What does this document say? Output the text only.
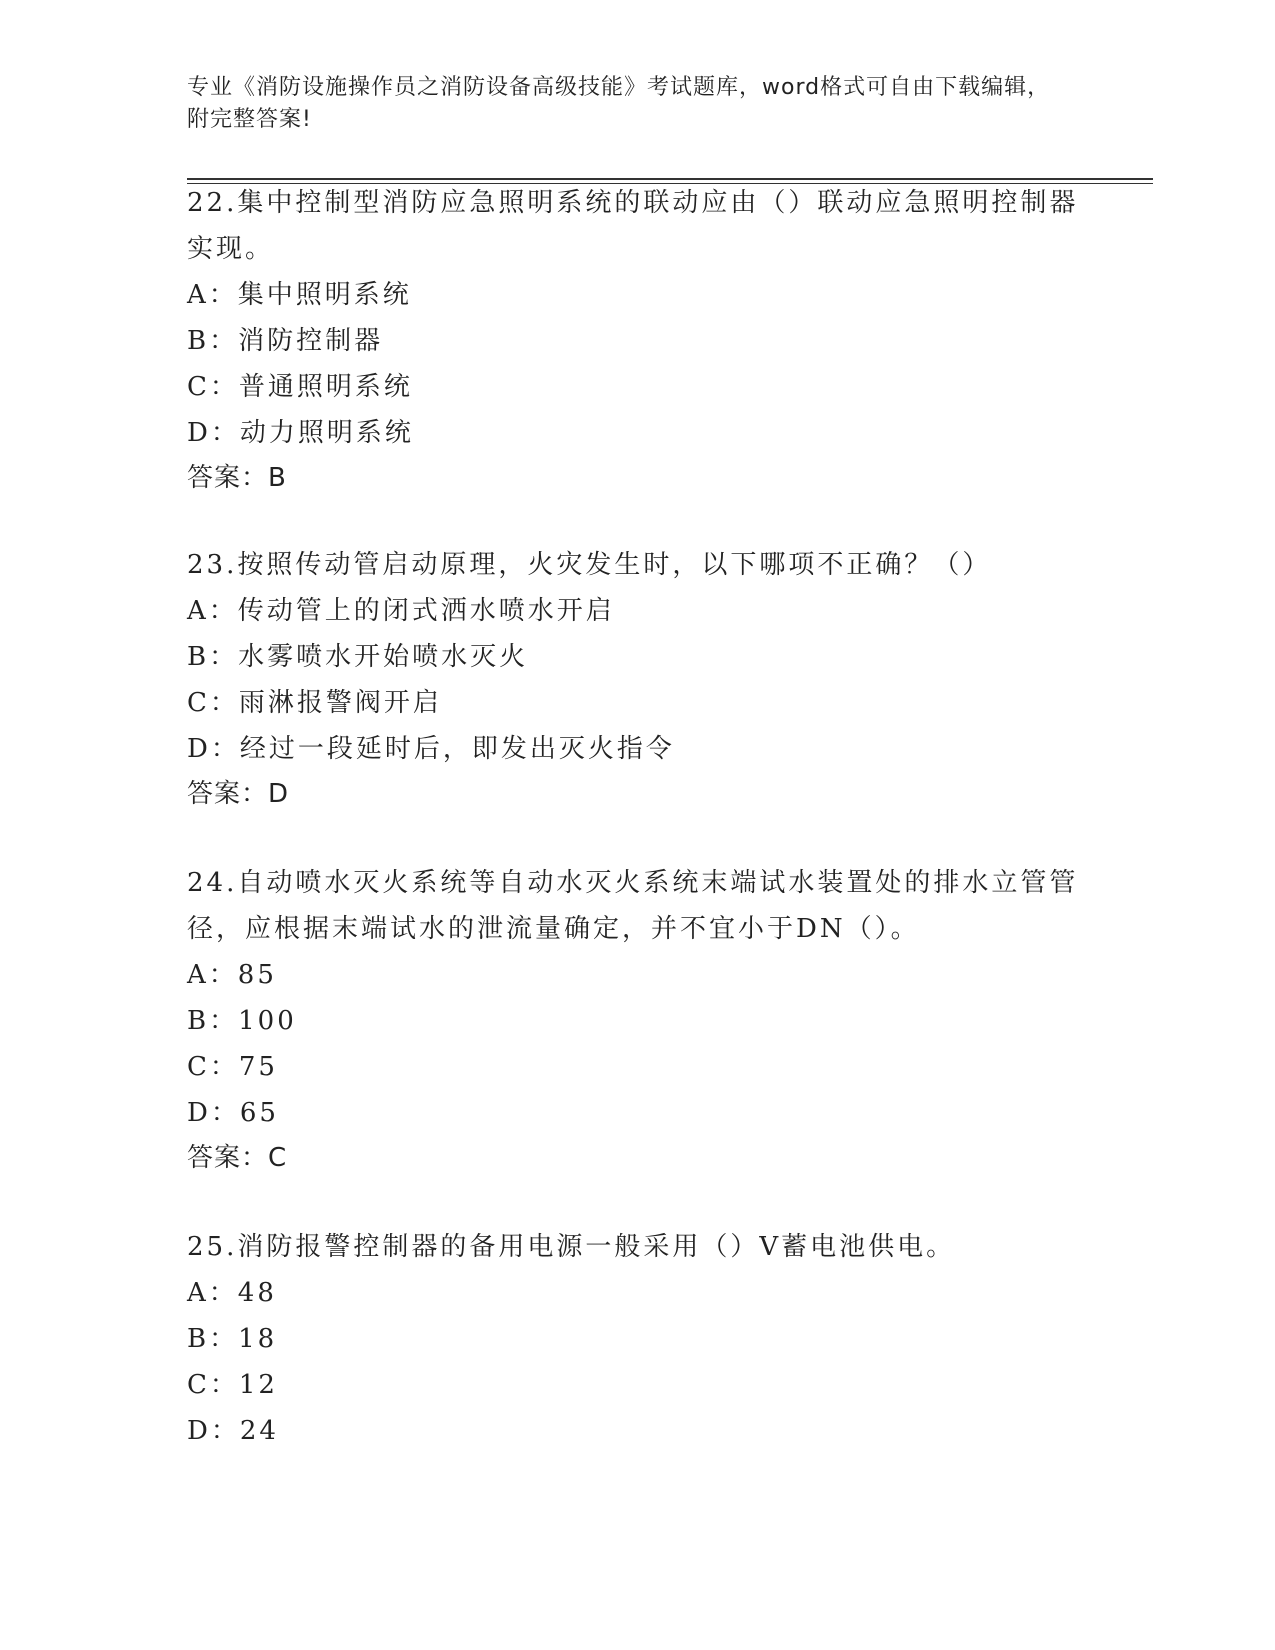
专业《消防设施操作员之消防设备高级技能》考试题库，word格式可自由下载编辑，附完整答案!

22.集中控制型消防应急照明系统的联动应由（）联动应急照明控制器实现。

A：集中照明系统
B：消防控制器
C：普通照明系统
D：动力照明系统
答案：B

23.按照传动管启动原理，火灾发生时，以下哪项不正确？（）

A：传动管上的闭式洒水喷水开启
B：水雾喷水开始喷水灭火
C：雨淋报警阀开启
D：经过一段延时后，即发出灭火指令
答案：D

24.自动喷水灭火系统等自动水灭火系统末端试水装置处的排水立管管径，应根据末端试水的泄流量确定，并不宜小于DN（）。

A：85
B：100
C：75
D：65
答案：C

25.消防报警控制器的备用电源一般采用（）V蓄电池供电。

A：48
B：18
C：12
D：24
